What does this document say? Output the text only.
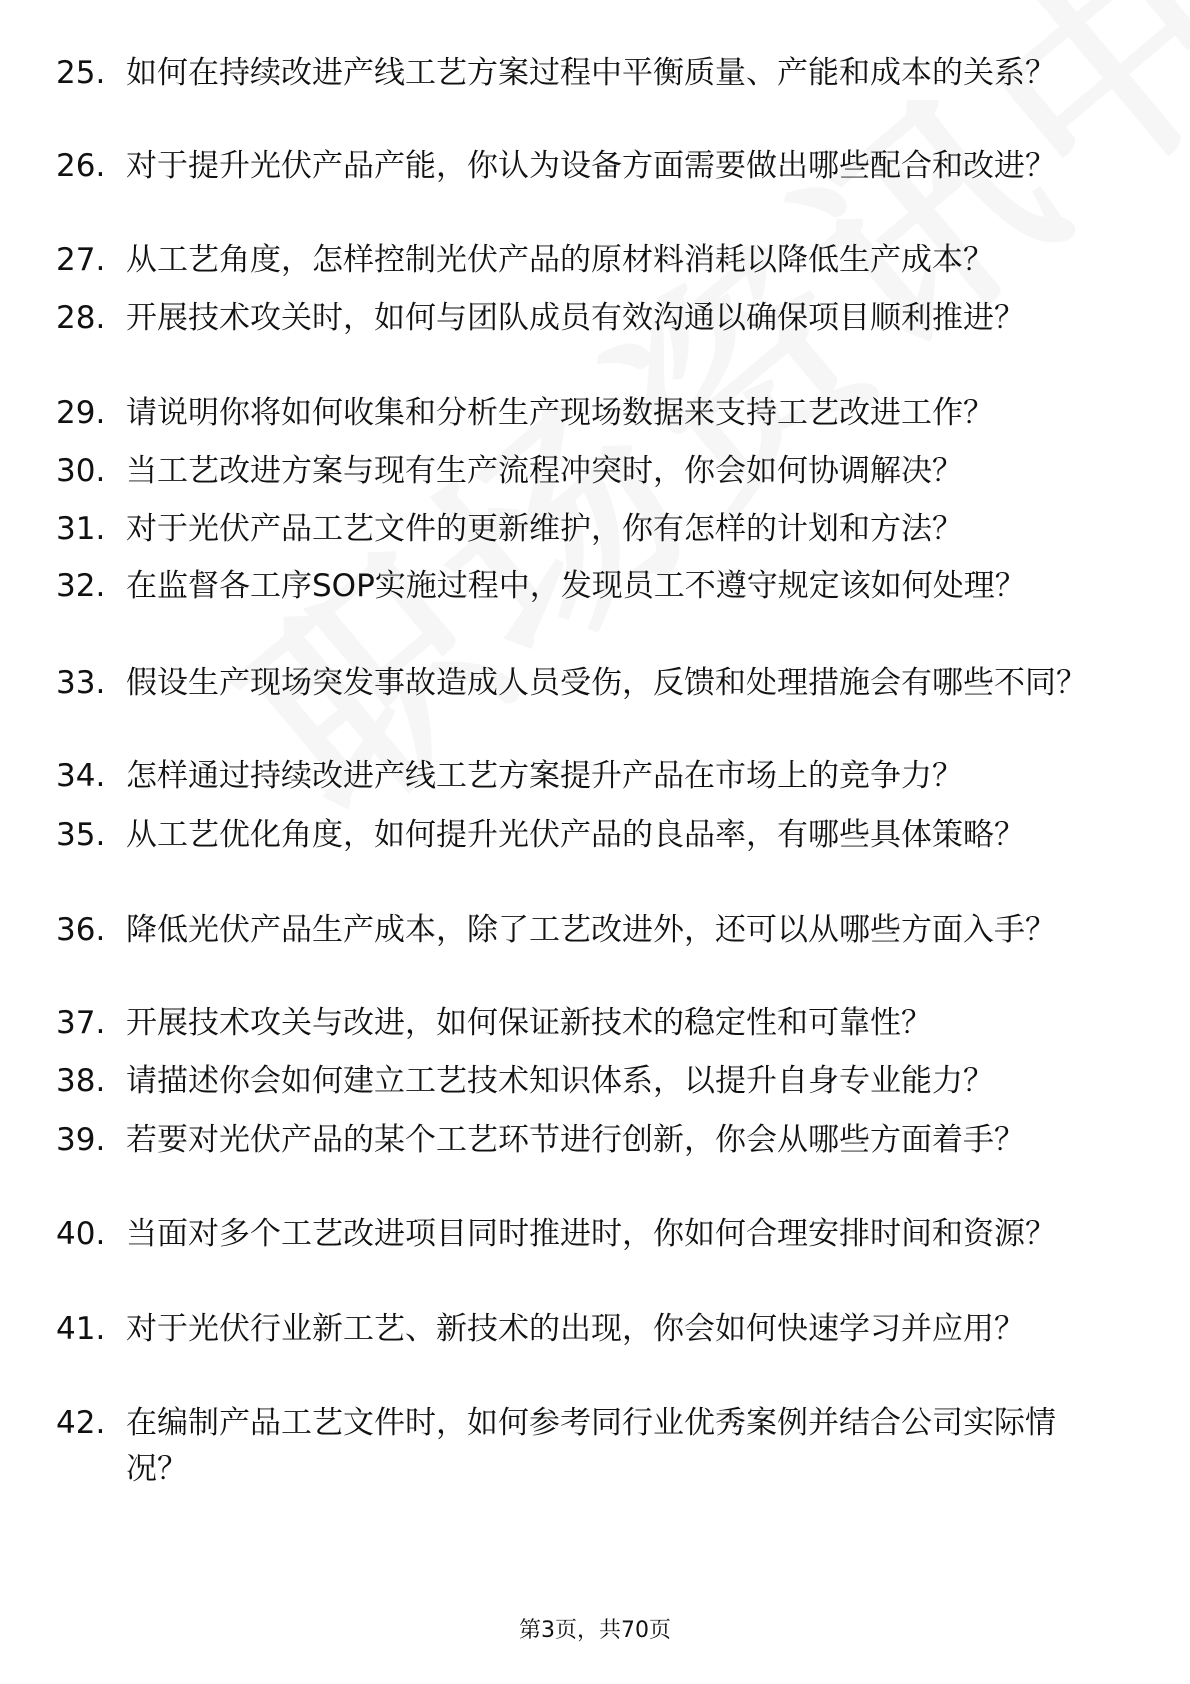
25. 如何在持续改进产线工艺方案过程中平衡质量、产能和成本的关系？
26. 对于提升光伏产品产能，你认为设备方面需要做出哪些配合和改进？
27. 从工艺角度，怎样控制光伏产品的原材料消耗以降低生产成本？
28. 开展技术攻关时，如何与团队成员有效沟通以确保项目顺利推进？
29. 请说明你将如何收集和分析生产现场数据来支持工艺改进工作？
30. 当工艺改进方案与现有生产流程冲突时，你会如何协调解决？
31. 对于光伏产品工艺文件的更新维护，你有怎样的计划和方法？
32. 在监督各工序SOP实施过程中，发现员工不遵守规定该如何处理？
33. 假设生产现场突发事故造成人员受伤，反馈和处理措施会有哪些不同？
34. 怎样通过持续改进产线工艺方案提升产品在市场上的竞争力？
35. 从工艺优化角度，如何提升光伏产品的良品率，有哪些具体策略？
36. 降低光伏产品生产成本，除了工艺改进外，还可以从哪些方面入手？
37. 开展技术攻关与改进，如何保证新技术的稳定性和可靠性？
38. 请描述你会如何建立工艺技术知识体系，以提升自身专业能力？
39. 若要对光伏产品的某个工艺环节进行创新，你会从哪些方面着手？
40. 当面对多个工艺改进项目同时推进时，你如何合理安排时间和资源？
41. 对于光伏行业新工艺、新技术的出现，你会如何快速学习并应用？
42. 在编制产品工艺文件时，如何参考同行业优秀案例并结合公司实际情况？
第3页，共70页
